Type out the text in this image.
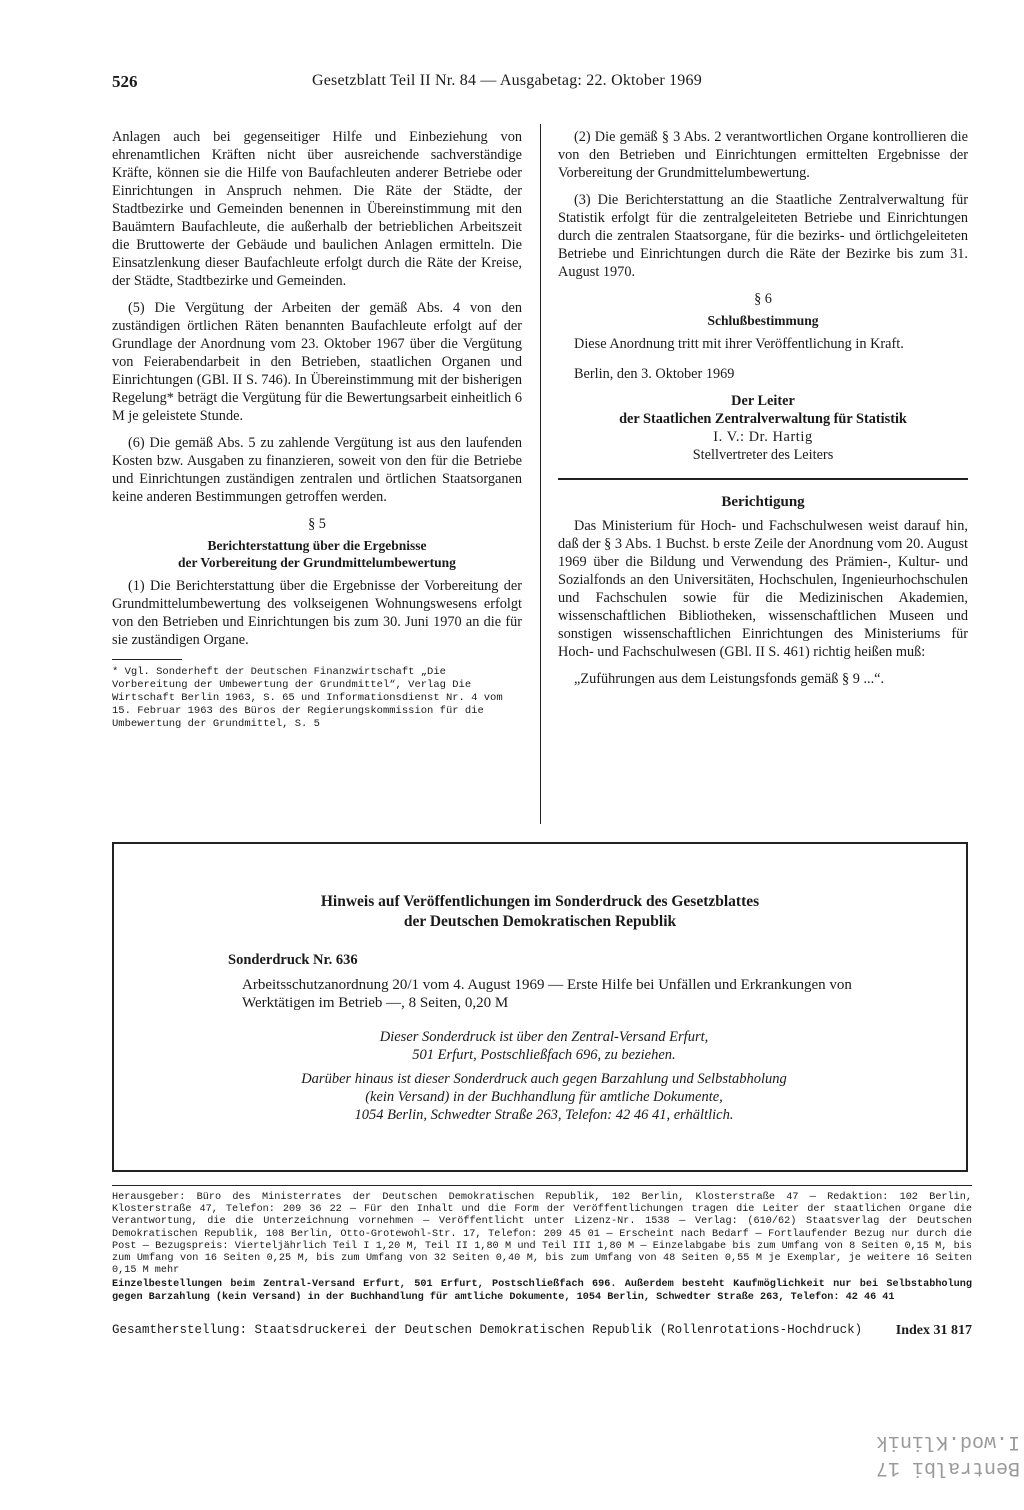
526	Gesetzblatt Teil II Nr. 84 — Ausgabetag: 22. Oktober 1969

Anlagen auch bei gegenseitiger Hilfe und Einbeziehung von ehrenamtlichen Kräften nicht über ausreichende sachverständige Kräfte, können sie die Hilfe von Baufachleuten anderer Betriebe oder Einrichtungen in Anspruch nehmen. Die Räte der Städte, der Stadtbezirke und Gemeinden benennen in Übereinstimmung mit den Bauämtern Baufachleute, die außerhalb der betrieblichen Arbeitszeit die Bruttowerte der Gebäude und baulichen Anlagen ermitteln. Die Einsatzlenkung dieser Baufachleute erfolgt durch die Räte der Kreise, der Städte, Stadtbezirke und Gemeinden.

(5) Die Vergütung der Arbeiten der gemäß Abs. 4 von den zuständigen örtlichen Räten benannten Baufachleute erfolgt auf der Grundlage der Anordnung vom 23. Oktober 1967 über die Vergütung von Feierabendarbeit in den Betrieben, staatlichen Organen und Einrichtungen (GBl. II S. 746). In Übereinstimmung mit der bisherigen Regelung* beträgt die Vergütung für die Bewertungsarbeit einheitlich 6 M je geleistete Stunde.

(6) Die gemäß Abs. 5 zu zahlende Vergütung ist aus den laufenden Kosten bzw. Ausgaben zu finanzieren, soweit von den für die Betriebe und Einrichtungen zuständigen zentralen und örtlichen Staatsorganen keine anderen Bestimmungen getroffen werden.

§ 5
Berichterstattung über die Ergebnisse
der Vorbereitung der Grundmittelumbewertung

(1) Die Berichterstattung über die Ergebnisse der Vorbereitung der Grundmittelumbewertung des volkseigenen Wohnungswesens erfolgt von den Betrieben und Einrichtungen bis zum 30. Juni 1970 an die für sie zuständigen Organe.

* Vgl. Sonderheft der Deutschen Finanzwirtschaft „Die Vorbereitung der Umbewertung der Grundmittel“, Verlag Die Wirtschaft Berlin 1963, S. 65 und Informationsdienst Nr. 4 vom 15. Februar 1963 des Büros der Regierungskommission für die Umbewertung der Grundmittel, S. 5

(2) Die gemäß § 3 Abs. 2 verantwortlichen Organe kontrollieren die von den Betrieben und Einrichtungen ermittelten Ergebnisse der Vorbereitung der Grundmittelumbewertung.

(3) Die Berichterstattung an die Staatliche Zentralverwaltung für Statistik erfolgt für die zentralgeleiteten Betriebe und Einrichtungen durch die zentralen Staatsorgane, für die bezirks- und örtlichgeleiteten Betriebe und Einrichtungen durch die Räte der Bezirke bis zum 31. August 1970.

§ 6
Schlußbestimmung

Diese Anordnung tritt mit ihrer Veröffentlichung in Kraft.

Berlin, den 3. Oktober 1969

Der Leiter

der Staatlichen Zentralverwaltung für Statistik

I. V.: Dr. Hartig

Stellvertreter des Leiters

Berichtigung

Das Ministerium für Hoch- und Fachschulwesen weist darauf hin, daß der § 3 Abs. 1 Buchst. b erste Zeile der Anordnung vom 20. August 1969 über die Bildung und Verwendung des Prämien-, Kultur- und Sozialfonds an den Universitäten, Hochschulen, Ingenieurhochschulen und Fachschulen sowie für die Medizinischen Akademien, wissenschaftlichen Bibliotheken, wissenschaftlichen Museen und sonstigen wissenschaftlichen Einrichtungen des Ministeriums für Hoch- und Fachschulwesen (GBl. II S. 461) richtig heißen muß:

„Zuführungen aus dem Leistungsfonds gemäß § 9 ...“.

Hinweis auf Veröffentlichungen im Sonderdruck des Gesetzblattes
der Deutschen Demokratischen Republik
Sonderdruck Nr. 636
Arbeitsschutzanordnung 20/1 vom 4. August 1969 — Erste Hilfe bei Unfällen und Erkrankungen von Werktätigen im Betrieb —, 8 Seiten, 0,20 M
Dieser Sonderdruck ist über den Zentral-Versand Erfurt,
501 Erfurt, Postschließfach 696, zu beziehen.
Darüber hinaus ist dieser Sonderdruck auch gegen Barzahlung und Selbstabholung
(kein Versand) in der Buchhandlung für amtliche Dokumente,
1054 Berlin, Schwedter Straße 263, Telefon: 42 46 41, erhältlich.
Herausgeber: Büro des Ministerrates der Deutschen Demokratischen Republik, 102 Berlin, Klosterstraße 47 — Redaktion: 102 Berlin, Klosterstraße 47, Telefon: 209 36 22 — Für den Inhalt und die Form der Veröffentlichungen tragen die Leiter der staatlichen Organe die Verantwortung, die die Unterzeichnung vornehmen — Veröffentlicht unter Lizenz-Nr. 1538 — Verlag: (610/62) Staatsverlag der Deutschen Demokratischen Republik, 108 Berlin, Otto-Grotewohl-Str. 17, Telefon: 209 45 01 — Erscheint nach Bedarf — Fortlaufender Bezug nur durch die Post — Bezugspreis: Vierteljährlich Teil I 1,20 M, Teil II 1,80 M und Teil III 1,80 M — Einzelabgabe bis zum Umfang von 8 Seiten 0,15 M, bis zum Umfang von 16 Seiten 0,25 M, bis zum Umfang von 32 Seiten 0,40 M, bis zum Umfang von 48 Seiten 0,55 M je Exemplar, je weitere 16 Seiten 0,15 M mehr
Einzelbestellungen beim Zentral-Versand Erfurt, 501 Erfurt, Postschließfach 696. Außerdem besteht Kaufmöglichkeit nur bei Selbstabholung gegen Barzahlung (kein Versand) in der Buchhandlung für amtliche Dokumente, 1054 Berlin, Schwedter Straße 263, Telefon: 42 46 41
Gesamtherstellung: Staatsdruckerei der Deutschen Demokratischen Republik (Rollenrotations-Hochdruck) Index 31 817
Bentralbi 17
I.wod.Klinik
